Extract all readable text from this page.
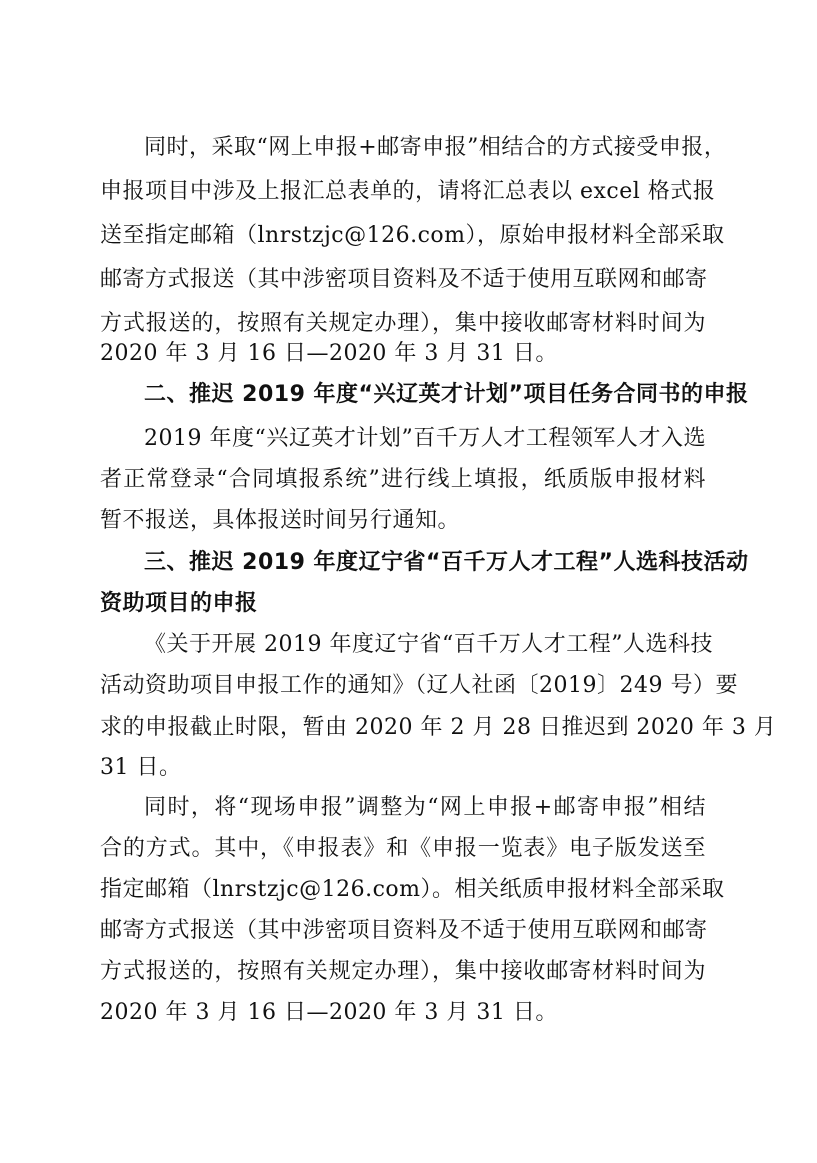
同时，采取“网上申报+邮寄申报”相结合的方式接受申报，
申报项目中涉及上报汇总表单的，请将汇总表以 excel 格式报
送至指定邮箱（lnrstzjc@126.com），原始申报材料全部采取
邮寄方式报送（其中涉密项目资料及不适于使用互联网和邮寄
方式报送的，按照有关规定办理），集中接收邮寄材料时间为
2020 年 3 月 16 日—2020 年 3 月 31 日。
二、推迟 2019 年度“兴辽英才计划”项目任务合同书的申报
2019 年度“兴辽英才计划”百千万人才工程领军人才入选
者正常登录“合同填报系统”进行线上填报，纸质版申报材料
暂不报送，具体报送时间另行通知。
三、推迟 2019 年度辽宁省“百千万人才工程”人选科技活动
资助项目的申报
《关于开展 2019 年度辽宁省“百千万人才工程”人选科技
活动资助项目申报工作的通知》（辽人社函〔2019〕249 号）要
求的申报截止时限，暂由 2020 年 2 月 28 日推迟到 2020 年 3 月
31 日。
同时，将“现场申报”调整为“网上申报+邮寄申报”相结
合的方式。其中，《申报表》和《申报一览表》电子版发送至
指定邮箱（lnrstzjc@126.com）。相关纸质申报材料全部采取
邮寄方式报送（其中涉密项目资料及不适于使用互联网和邮寄
方式报送的，按照有关规定办理），集中接收邮寄材料时间为
2020 年 3 月 16 日—2020 年 3 月 31 日。
